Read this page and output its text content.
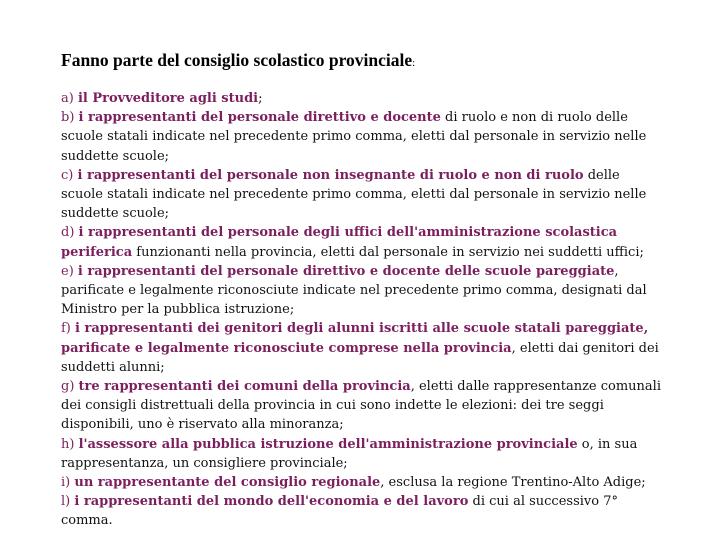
Fanno parte del consiglio scolastico provinciale:
a) il Provveditore agli studi;
b) i rappresentanti del personale direttivo e docente di ruolo e non di ruolo delle scuole statali indicate nel precedente primo comma, eletti dal personale in servizio nelle suddette scuole;
c) i rappresentanti del personale non insegnante di ruolo e non di ruolo delle scuole statali indicate nel precedente primo comma, eletti dal personale in servizio nelle suddette scuole;
d) i rappresentanti del personale degli uffici dell'amministrazione scolastica periferica funzionanti nella provincia, eletti dal personale in servizio nei suddetti uffici;
e) i rappresentanti del personale direttivo e docente delle scuole pareggiate, parificate e legalmente riconosciute indicate nel precedente primo comma, designati dal Ministro per la pubblica istruzione;
f) i rappresentanti dei genitori degli alunni iscritti alle scuole statali pareggiate, parificate e legalmente riconosciute comprese nella provincia, eletti dai genitori dei suddetti alunni;
g) tre rappresentanti dei comuni della provincia, eletti dalle rappresentanze comunali dei consigli distrettuali della provincia in cui sono indette le elezioni: dei tre seggi disponibili, uno è riservato alla minoranza;
h) l'assessore alla pubblica istruzione dell'amministrazione provinciale o, in sua rappresentanza, un consigliere provinciale;
i) un rappresentante del consiglio regionale, esclusa la regione Trentino-Alto Adige;
l) i rappresentanti del mondo dell'economia e del lavoro di cui al successivo 7° comma.
